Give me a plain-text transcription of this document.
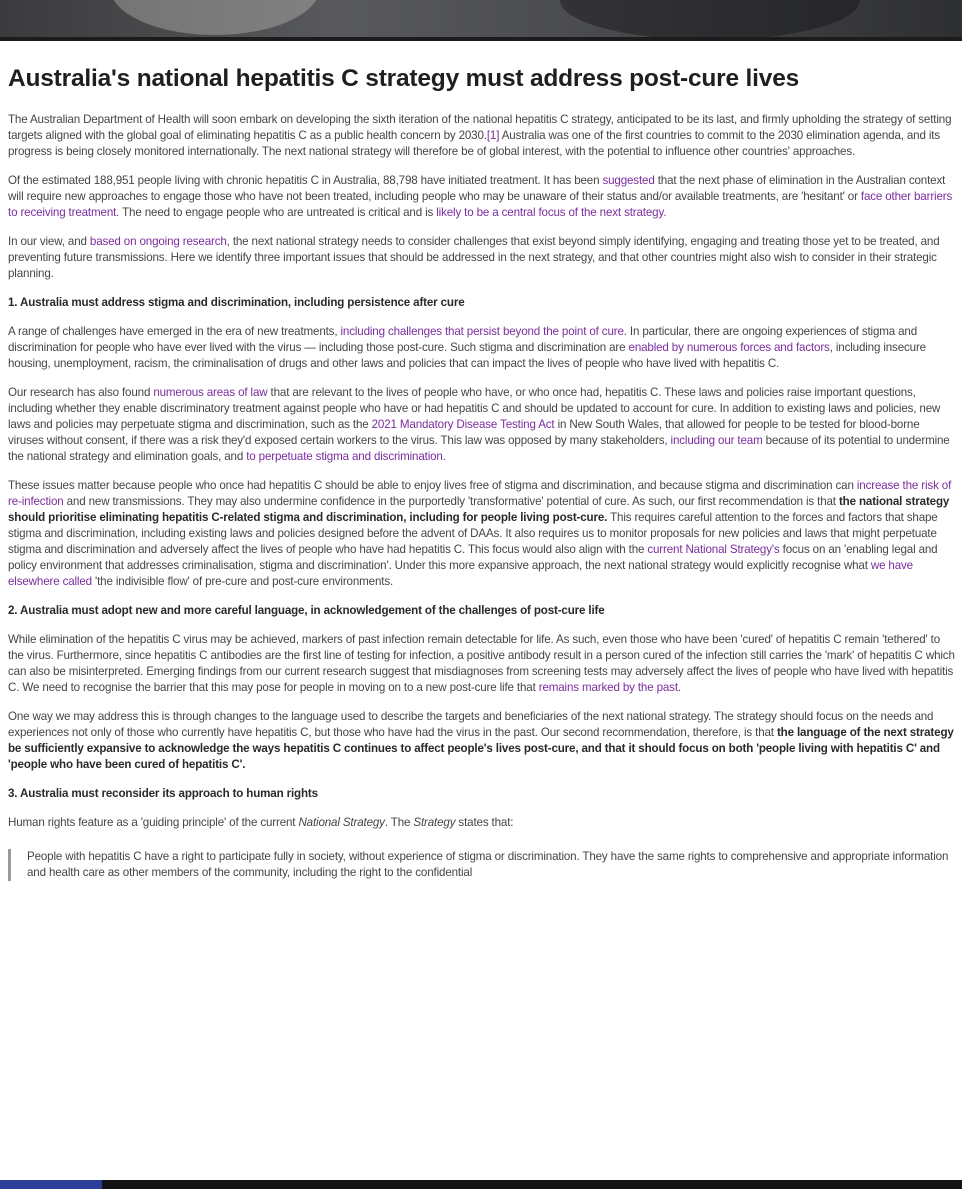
Australia's national hepatitis C strategy must address post-cure lives

The Australian Department of Health will soon embark on developing the sixth iteration of the national hepatitis C strategy, anticipated to be its last, and firmly upholding the strategy of setting targets aligned with the global goal of eliminating hepatitis C as a public health concern by 2030.[1] Australia was one of the first countries to commit to the 2030 elimination agenda, and its progress is being closely monitored internationally. The next national strategy will therefore be of global interest, with the potential to influence other countries' approaches.

Of the estimated 188,951 people living with chronic hepatitis C in Australia, 88,798 have initiated treatment. It has been suggested that the next phase of elimination in the Australian context will require new approaches to engage those who have not been treated, including people who may be unaware of their status and/or available treatments, are 'hesitant' or face other barriers to receiving treatment. The need to engage people who are untreated is critical and is likely to be a central focus of the next strategy.

In our view, and based on ongoing research, the next national strategy needs to consider challenges that exist beyond simply identifying, engaging and treating those yet to be treated, and preventing future transmissions. Here we identify three important issues that should be addressed in the next strategy, and that other countries might also wish to consider in their strategic planning.

1. Australia must address stigma and discrimination, including persistence after cure

A range of challenges have emerged in the era of new treatments, including challenges that persist beyond the point of cure. In particular, there are ongoing experiences of stigma and discrimination for people who have ever lived with the virus — including those post-cure. Such stigma and discrimination are enabled by numerous forces and factors, including insecure housing, unemployment, racism, the criminalisation of drugs and other laws and policies that can impact the lives of people who have lived with hepatitis C.

Our research has also found numerous areas of law that are relevant to the lives of people who have, or who once had, hepatitis C. These laws and policies raise important questions, including whether they enable discriminatory treatment against people who have or had hepatitis C and should be updated to account for cure. In addition to existing laws and policies, new laws and policies may perpetuate stigma and discrimination, such as the 2021 Mandatory Disease Testing Act in New South Wales, that allowed for people to be tested for blood-borne viruses without consent, if there was a risk they'd exposed certain workers to the virus. This law was opposed by many stakeholders, including our team because of its potential to undermine the national strategy and elimination goals, and to perpetuate stigma and discrimination.

These issues matter because people who once had hepatitis C should be able to enjoy lives free of stigma and discrimination, and because stigma and discrimination can increase the risk of re-infection and new transmissions. They may also undermine confidence in the purportedly 'transformative' potential of cure. As such, our first recommendation is that the national strategy should prioritise eliminating hepatitis C-related stigma and discrimination, including for people living post-cure. This requires careful attention to the forces and factors that shape stigma and discrimination, including existing laws and policies designed before the advent of DAAs. It also requires us to monitor proposals for new policies and laws that might perpetuate stigma and discrimination and adversely affect the lives of people who have had hepatitis C. This focus would also align with the current National Strategy's focus on an 'enabling legal and policy environment that addresses criminalisation, stigma and discrimination'. Under this more expansive approach, the next national strategy would explicitly recognise what we have elsewhere called 'the indivisible flow' of pre-cure and post-cure environments.

2. Australia must adopt new and more careful language, in acknowledgement of the challenges of post-cure life

While elimination of the hepatitis C virus may be achieved, markers of past infection remain detectable for life. As such, even those who have been 'cured' of hepatitis C remain 'tethered' to the virus. Furthermore, since hepatitis C antibodies are the first line of testing for infection, a positive antibody result in a person cured of the infection still carries the 'mark' of hepatitis C which can also be misinterpreted. Emerging findings from our current research suggest that misdiagnoses from screening tests may adversely affect the lives of people who have lived with hepatitis C. We need to recognise the barrier that this may pose for people in moving on to a new post-cure life that remains marked by the past.

One way we may address this is through changes to the language used to describe the targets and beneficiaries of the next national strategy. The strategy should focus on the needs and experiences not only of those who currently have hepatitis C, but those who have had the virus in the past. Our second recommendation, therefore, is that the language of the next strategy be sufficiently expansive to acknowledge the ways hepatitis C continues to affect people's lives post-cure, and that it should focus on both 'people living with hepatitis C' and 'people who have been cured of hepatitis C'.

3. Australia must reconsider its approach to human rights

Human rights feature as a 'guiding principle' of the current National Strategy. The Strategy states that:

People with hepatitis C have a right to participate fully in society, without experience of stigma or discrimination. They have the same rights to comprehensive and appropriate information and health care as other members of the community, including the right to the confidential
